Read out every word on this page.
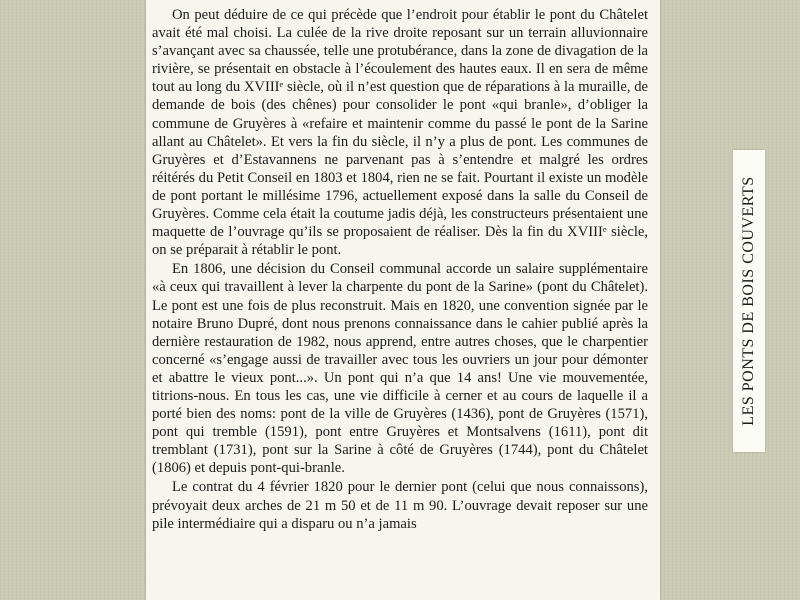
On peut déduire de ce qui précède que l’endroit pour établir le pont du Châtelet avait été mal choisi. La culée de la rive droite reposant sur un terrain alluvionnaire s’avançant avec sa chaussée, telle une protubérance, dans la zone de divagation de la rivière, se présentait en obstacle à l’écoulement des hautes eaux. Il en sera de même tout au long du XVIIIᵉ siècle, où il n’est question que de réparations à la muraille, de demande de bois (des chênes) pour consolider le pont «qui branle», d’obliger la commune de Gruyères à «refaire et maintenir comme du passé le pont de la Sarine allant au Châtelet». Et vers la fin du siècle, il n’y a plus de pont. Les communes de Gruyères et d’Estavannens ne parvenant pas à s’entendre et malgré les ordres réitérés du Petit Conseil en 1803 et 1804, rien ne se fait. Pourtant il existe un modèle de pont portant le millésime 1796, actuellement exposé dans la salle du Conseil de Gruyères. Comme cela était la coutume jadis déjà, les constructeurs présentaient une maquette de l’ouvrage qu’ils se proposaient de réaliser. Dès la fin du XVIIIᵉ siècle, on se préparait à rétablir le pont.

En 1806, une décision du Conseil communal accorde un salaire supplémentaire «à ceux qui travaillent à lever la charpente du pont de la Sarine» (pont du Châtelet). Le pont est une fois de plus reconstruit. Mais en 1820, une convention signée par le notaire Bruno Dupré, dont nous prenons connaissance dans le cahier publié après la dernière restauration de 1982, nous apprend, entre autres choses, que le charpentier concerné «s’engage aussi de travailler avec tous les ouvriers un jour pour démonter et abattre le vieux pont...». Un pont qui n’a que 14 ans! Une vie mouvementée, titrions-nous. En tous les cas, une vie difficile à cerner et au cours de laquelle il a porté bien des noms: pont de la ville de Gruyères (1436), pont de Gruyères (1571), pont qui tremble (1591), pont entre Gruyères et Montsalvens (1611), pont dit tremblant (1731), pont sur la Sarine à côté de Gruyères (1744), pont du Châtelet (1806) et depuis pont-qui-branle.

Le contrat du 4 février 1820 pour le dernier pont (celui que nous connaissons), prévoyait deux arches de 21 m 50 et de 11 m 90. L’ouvrage devait reposer sur une pile intermédiaire qui a disparu ou n’a jamais

LES PONTS DE BOIS COUVERTS
